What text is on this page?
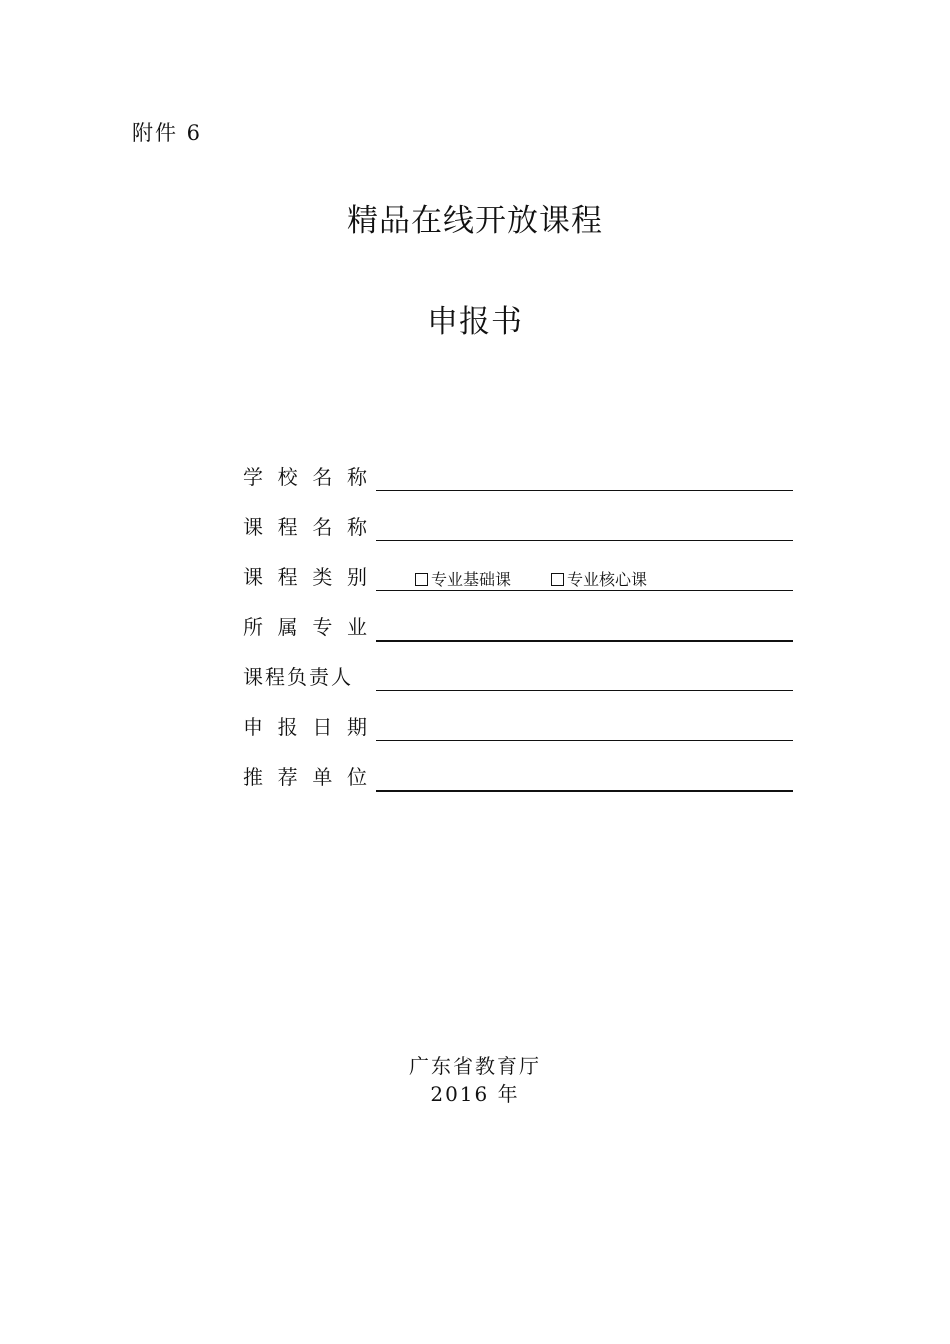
附件 6
精品在线开放课程
申报书
学校名称
课程名称
课程类别	专业基础课	专业核心课
所属专业
课程负责人
申报日期
推荐单位
广东省教育厅
2016 年
